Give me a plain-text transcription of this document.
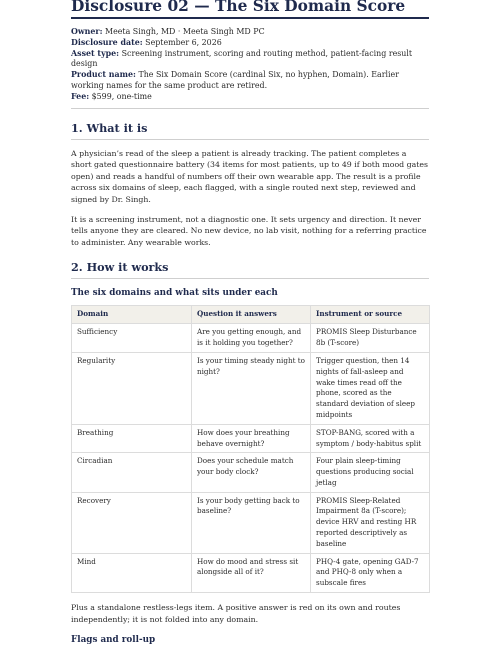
Disclosure 02 — The Six Domain Score

Owner: Meeta Singh, MD · Meeta Singh MD PC

Disclosure date: September 6, 2026

Asset type: Screening instrument, scoring and routing method, patient-facing result design

Product name: The Six Domain Score (cardinal Six, no hyphen, Domain). Earlier working names for the same product are retired.

Fee: $599, one-time

1. What it is

A physician’s read of the sleep a patient is already tracking. The patient completes a short gated questionnaire battery (34 items for most patients, up to 49 if both mood gates open) and reads a handful of numbers off their own wearable app. The result is a profile across six domains of sleep, each flagged, with a single routed next step, reviewed and signed by Dr. Singh.

It is a screening instrument, not a diagnostic one. It sets urgency and direction. It never tells anyone they are cleared. No new device, no lab visit, nothing for a referring practice to administer. Any wearable works.

2. How it works
The six domains and what sits under each
Domain	Question it answers	Instrument or source
Sufficiency	Are you getting enough, and is it holding you together?	PROMIS Sleep Disturbance 8b (T-score)
Regularity	Is your timing steady night to night?	Trigger question, then 14 nights of fall-asleep and wake times read off the phone, scored as the standard deviation of sleep midpoints
Breathing	How does your breathing behave overnight?	STOP-BANG, scored with a symptom / body-habitus split
Circadian	Does your schedule match your body clock?	Four plain sleep-timing questions producing social jetlag
Recovery	Is your body getting back to baseline?	PROMIS Sleep-Related Impairment 8a (T-score); device HRV and resting HR reported descriptively as baseline
Mind	How do mood and stress sit alongside all of it?	PHQ-4 gate, opening GAD-7 and PHQ-8 only when a subscale fires

Plus a standalone restless-legs item. A positive answer is red on its own and routes independently; it is not folded into any domain.

Flags and roll-up
